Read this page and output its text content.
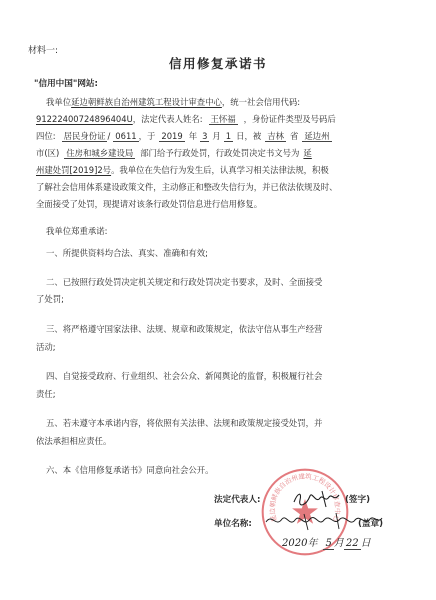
材料一:
信用修复承诺书
"信用中国"网站:
我单位延边朝鲜族自治州建筑工程设计审查中心，统一社会信用代码:
91222400724896404U，法定代表人姓名: 王怀福 ，身份证件类型及号码后
四位: 居民身份证 / 0611 ，于 2019 年 3 月 1 日，被 吉林 省 延边州
市(区) 住房和城乡建设局 部门给予行政处罚，行政处罚决定书文号为 延
州建处罚[2019]2号。我单位在失信行为发生后，认真学习相关法律法规，积极
了解社会信用体系建设政策文件，主动修正和整改失信行为，并已依法依规及时、
全面接受了处罚，现提请对该条行政处罚信息进行信用修复。
我单位郑重承诺:
一、所提供资料均合法、真实、准确和有效;
二、已按照行政处罚决定机关规定和行政处罚决定书要求，及时、全面接受
了处罚;
三、将严格遵守国家法律、法规、规章和政策规定，依法守信从事生产经营
活动;
四、自觉接受政府、行业组织、社会公众、新闻舆论的监督，积极履行社会
责任;
五、若未遵守本承诺内容，将依照有关法律、法规和政策规定接受处罚，并
依法承担相应责任。
六、本《信用修复承诺书》同意向社会公开。
延边朝鲜族自治州建筑工程设计审查中心
法定代表人:	(签字)
单位名称:	(盖章)
2020年 5 月 22 日
